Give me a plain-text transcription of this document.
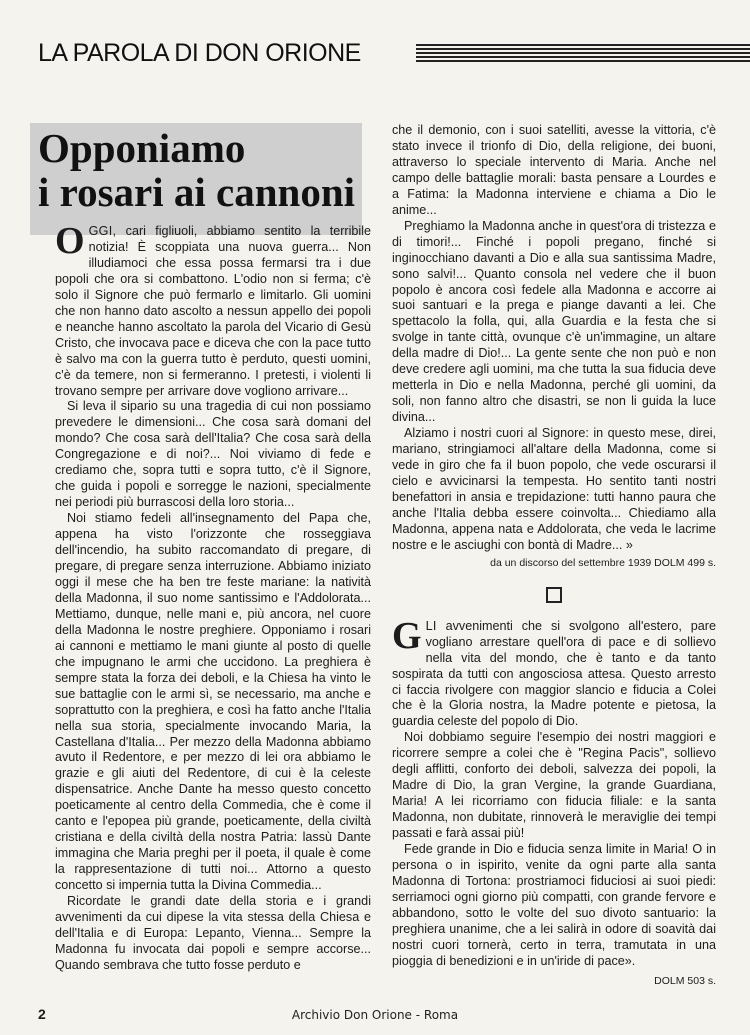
LA PAROLA DI DON ORIONE
Opponiamo
i rosari ai cannoni

OGGI, cari figliuoli, abbiamo sentito la terribile notizia! È scoppiata una nuova guerra... Non illudiamoci che essa possa fermarsi tra i due popoli che ora si combattono. L'odio non si ferma; c'è solo il Signore che può fermarlo e limitarlo. Gli uomini che non hanno dato ascolto a nessun appello dei popoli e neanche hanno ascoltato la parola del Vicario di Gesù Cristo, che invocava pace e diceva che con la pace tutto è salvo ma con la guerra tutto è perduto, questi uomini, c'è da temere, non si fermeranno. I pretesti, i violenti li trovano sempre per arrivare dove vogliono arrivare...

Si leva il sipario su una tragedia di cui non possiamo prevedere le dimensioni... Che cosa sarà domani del mondo? Che cosa sarà dell'Italia? Che cosa sarà della Congregazione e di noi?... Noi viviamo di fede e crediamo che, sopra tutti e sopra tutto, c'è il Signore, che guida i popoli e sorregge le nazioni, specialmente nei periodi più burrascosi della loro storia...

Noi stiamo fedeli all'insegnamento del Papa che, appena ha visto l'orizzonte che rosseggiava dell'incendio, ha subito raccomandato di pregare, di pregare, di pregare senza interruzione. Abbiamo iniziato oggi il mese che ha ben tre feste mariane: la natività della Madonna, il suo nome santissimo e l'Addolorata... Mettiamo, dunque, nelle mani e, più ancora, nel cuore della Madonna le nostre preghiere. Opponiamo i rosari ai cannoni e mettiamo le mani giunte al posto di quelle che impugnano le armi che uccidono. La preghiera è sempre stata la forza dei deboli, e la Chiesa ha vinto le sue battaglie con le armi sì, se necessario, ma anche e soprattutto con la preghiera, e così ha fatto anche l'Italia nella sua storia, specialmente invocando Maria, la Castellana d'Italia... Per mezzo della Madonna abbiamo avuto il Redentore, e per mezzo di lei ora abbiamo le grazie e gli aiuti del Redentore, di cui è la celeste dispensatrice. Anche Dante ha messo questo concetto poeticamente al centro della Commedia, che è come il canto e l'epopea più grande, poeticamente, della civiltà cristiana e della civiltà della nostra Patria: lassù Dante immagina che Maria preghi per il poeta, il quale è come la rappresentazione di tutti noi... Attorno a questo concetto si impernia tutta la Divina Commedia...

Ricordate le grandi date della storia e i grandi avvenimenti da cui dipese la vita stessa della Chiesa e dell'Italia e di Europa: Lepanto, Vienna... Sempre la Madonna fu invocata dai popoli e sempre accorse... Quando sembrava che tutto fosse perduto e

che il demonio, con i suoi satelliti, avesse la vittoria, c'è stato invece il trionfo di Dio, della religione, dei buoni, attraverso lo speciale intervento di Maria. Anche nel campo delle battaglie morali: basta pensare a Lourdes e a Fatima: la Madonna interviene e chiama a Dio le anime...

Preghiamo la Madonna anche in quest'ora di tristezza e di timori!... Finché i popoli pregano, finché si inginocchiano davanti a Dio e alla sua santissima Madre, sono salvi!... Quanto consola nel vedere che il buon popolo è ancora così fedele alla Madonna e accorre ai suoi santuari e la prega e piange davanti a lei. Che spettacolo la folla, qui, alla Guardia e la festa che si svolge in tante città, ovunque c'è un'immagine, un altare della madre di Dio!... La gente sente che non può e non deve credere agli uomini, ma che tutta la sua fiducia deve metterla in Dio e nella Madonna, perché gli uomini, da soli, non fanno altro che disastri, se non li guida la luce divina...

Alziamo i nostri cuori al Signore: in questo mese, direi, mariano, stringiamoci all'altare della Madonna, come si vede in giro che fa il buon popolo, che vede oscurarsi il cielo e avvicinarsi la tempesta. Ho sentito tanti nostri benefattori in ansia e trepidazione: tutti hanno paura che anche l'Italia debba essere coinvolta... Chiediamo alla Madonna, appena nata e Addolorata, che veda le lacrime nostre e le asciughi con bontà di Madre... »

da un discorso del settembre 1939 DOLM 499 s.

GLI avvenimenti che si svolgono all'estero, pare vogliano arrestare quell'ora di pace e di sollievo nella vita del mondo, che è tanto e da tanto sospirata da tutti con angosciosa attesa. Questo arresto ci faccia rivolgere con maggior slancio e fiducia a Colei che è la Gloria nostra, la Madre potente e pietosa, la guardia celeste del popolo di Dio.

Noi dobbiamo seguire l'esempio dei nostri maggiori e ricorrere sempre a colei che è "Regina Pacis", sollievo degli afflitti, conforto dei deboli, salvezza dei popoli, la Madre di Dio, la gran Vergine, la grande Guardiana, Maria! A lei ricorriamo con fiducia filiale: e la santa Madonna, non dubitate, rinnoverà le meraviglie dei tempi passati e farà assai più!

Fede grande in Dio e fiducia senza limite in Maria! O in persona o in ispirito, venite da ogni parte alla santa Madonna di Tortona: prostriamoci fiduciosi ai suoi piedi: serriamoci ogni giorno più compatti, con grande fervore e abbandono, sotto le volte del suo divoto santuario: la preghiera unanime, che a lei salirà in odore di soavità dai nostri cuori tornerà, certo in terra, tramutata in una pioggia di benedizioni e in un'iride di pace».

DOLM 503 s.
2	Archivio Don Orione - Roma
